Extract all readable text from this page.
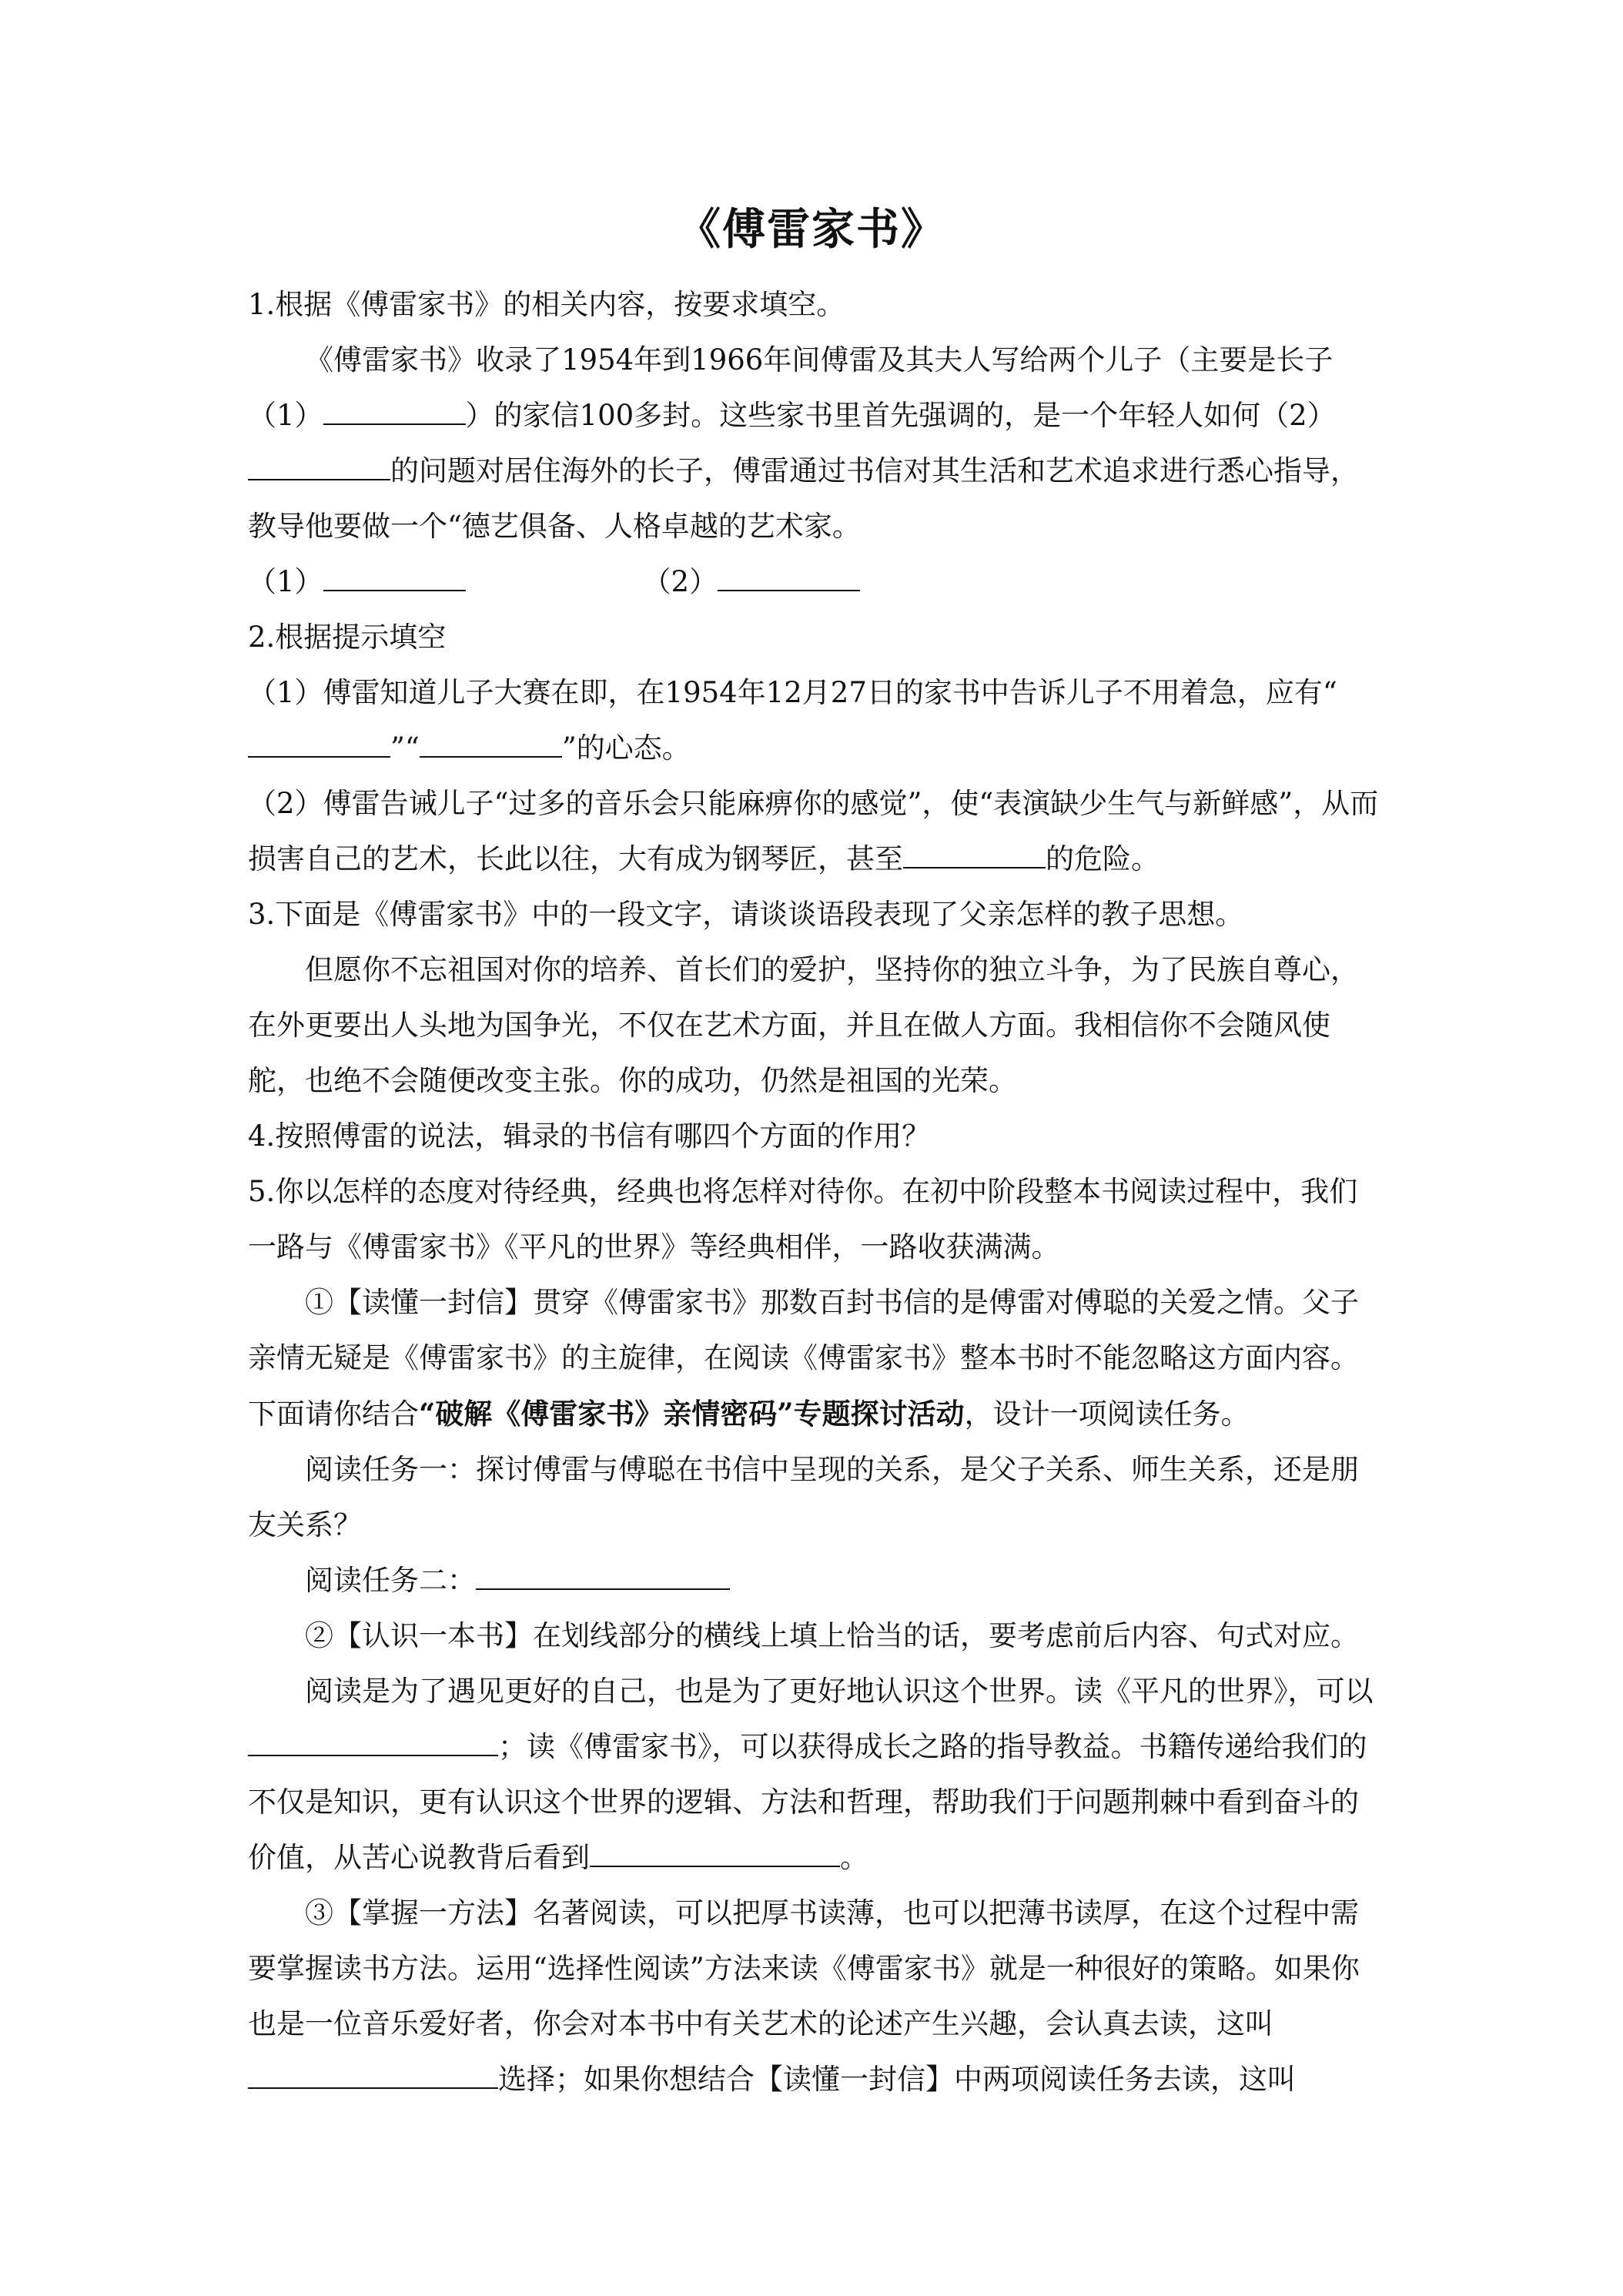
《傅雷家书》

1.根据《傅雷家书》的相关内容，按要求填空。

《傅雷家书》收录了1954年到1966年间傅雷及其夫人写给两个儿子（主要是长子（1）	）的家信100多封。这些家书里首先强调的，是一个年轻人如何（2）的问题对居住海外的长子，傅雷通过书信对其生活和艺术追求进行悉心指导，教导他要做一个“德艺俱备、人格卓越的艺术家。

（1）	（2）

2.根据提示填空

（1）傅雷知道儿子大赛在即，在1954年12月27日的家书中告诉儿子不用着急，应有“”“	”的心态。

（2）傅雷告诫儿子“过多的音乐会只能麻痹你的感觉”，使“表演缺少生气与新鲜感”，从而损害自己的艺术，长此以往，大有成为钢琴匠，甚至	的危险。

3.下面是《傅雷家书》中的一段文字，请谈谈语段表现了父亲怎样的教子思想。

但愿你不忘祖国对你的培养、首长们的爱护，坚持你的独立斗争，为了民族自尊心，在外更要出人头地为国争光，不仅在艺术方面，并且在做人方面。我相信你不会随风使舵，也绝不会随便改变主张。你的成功，仍然是祖国的光荣。

4.按照傅雷的说法，辑录的书信有哪四个方面的作用？

5.你以怎样的态度对待经典，经典也将怎样对待你。在初中阶段整本书阅读过程中，我们一路与《傅雷家书》《平凡的世界》等经典相伴，一路收获满满。

①【读懂一封信】贯穿《傅雷家书》那数百封书信的是傅雷对傅聪的关爱之情。父子亲情无疑是《傅雷家书》的主旋律，在阅读《傅雷家书》整本书时不能忽略这方面内容。下面请你结合“破解《傅雷家书》亲情密码”专题探讨活动，设计一项阅读任务。

阅读任务一：探讨傅雷与傅聪在书信中呈现的关系，是父子关系、师生关系，还是朋友关系？

阅读任务二：

②【认识一本书】在划线部分的横线上填上恰当的话，要考虑前后内容、句式对应。

阅读是为了遇见更好的自己，也是为了更好地认识这个世界。读《平凡的世界》，可以；读《傅雷家书》，可以获得成长之路的指导教益。书籍传递给我们的不仅是知识，更有认识这个世界的逻辑、方法和哲理，帮助我们于问题荆棘中看到奋斗的价值，从苦心说教背后看到	。

③【掌握一方法】名著阅读，可以把厚书读薄，也可以把薄书读厚，在这个过程中需要掌握读书方法。运用“选择性阅读”方法来读《傅雷家书》就是一种很好的策略。如果你也是一位音乐爱好者，你会对本书中有关艺术的论述产生兴趣，会认真去读，这叫选择；如果你想结合【读懂一封信】中两项阅读任务去读，这叫
